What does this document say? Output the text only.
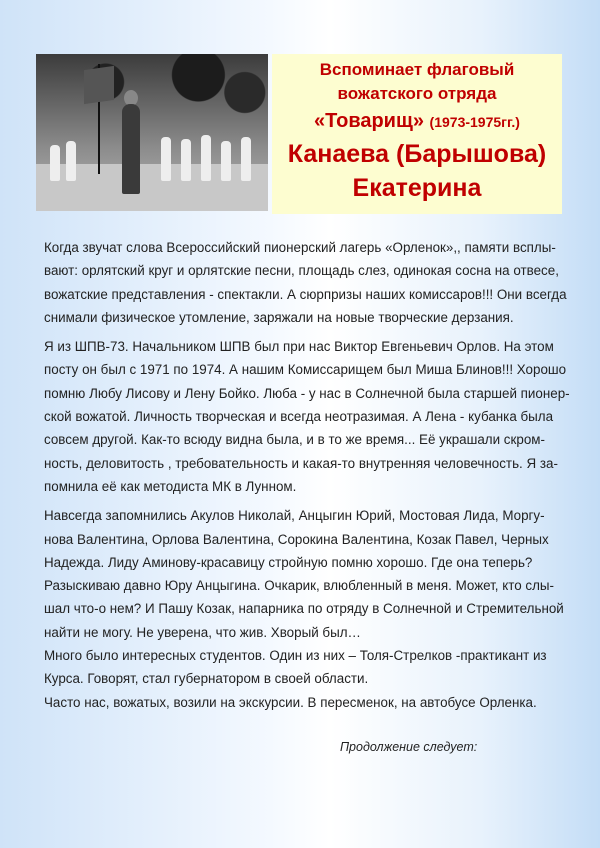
Вспоминает флаговый
вожатского отряда
«Товарищ» (1973-1975гг.)
Канаева (Барышова)
Екатерина
Когда звучат слова Всероссийский пионерский лагерь «Орленок»,, памяти всплы-
вают: орлятский круг и орлятские песни, площадь слез, одинокая сосна на отвесе,
вожатские представления - спектакли. А сюрпризы наших комиссаров!!! Они всегда
снимали физическое утомление, заряжали на новые творческие дерзания.
Я из ШПВ-73. Начальником ШПВ был при нас Виктор Евгеньевич Орлов. На этом
посту он был с 1971 по 1974. А нашим Комиссарищем был Миша Блинов!!! Хорошо
помню Любу Лисову и Лену Бойко. Люба - у нас в Солнечной была старшей пионер-
ской вожатой. Личность творческая и всегда неотразимая. А Лена - кубанка была
совсем другой. Как-то всюду видна была, и в то же время... Её украшали скром-
ность, деловитость , требовательность и какая-то внутренняя человечность. Я за-
помнила её как методиста МК в Лунном.
Навсегда запомнились Акулов Николай, Анцыгин Юрий, Мостовая Лида, Моргу-
нова Валентина, Орлова Валентина, Сорокина Валентина, Козак Павел, Черных
Надежда. Лиду Аминову-красавицу стройную помню хорошо. Где она теперь?
Разыскиваю давно Юру Анцыгина. Очкарик, влюбленный в меня. Может, кто слы-
шал что-о нем? И Пашу Козак, напарника по отряду в Солнечной и Стремительной
найти не могу. Не уверена, что жив. Хворый был…
Много было интересных студентов. Один из них – Толя-Стрелков -практикант из
Курса. Говорят, стал губернатором в своей области.
Часто нас, вожатых, возили на экскурсии. В пересменок, на автобусе Орленка.
Продолжение следует:
